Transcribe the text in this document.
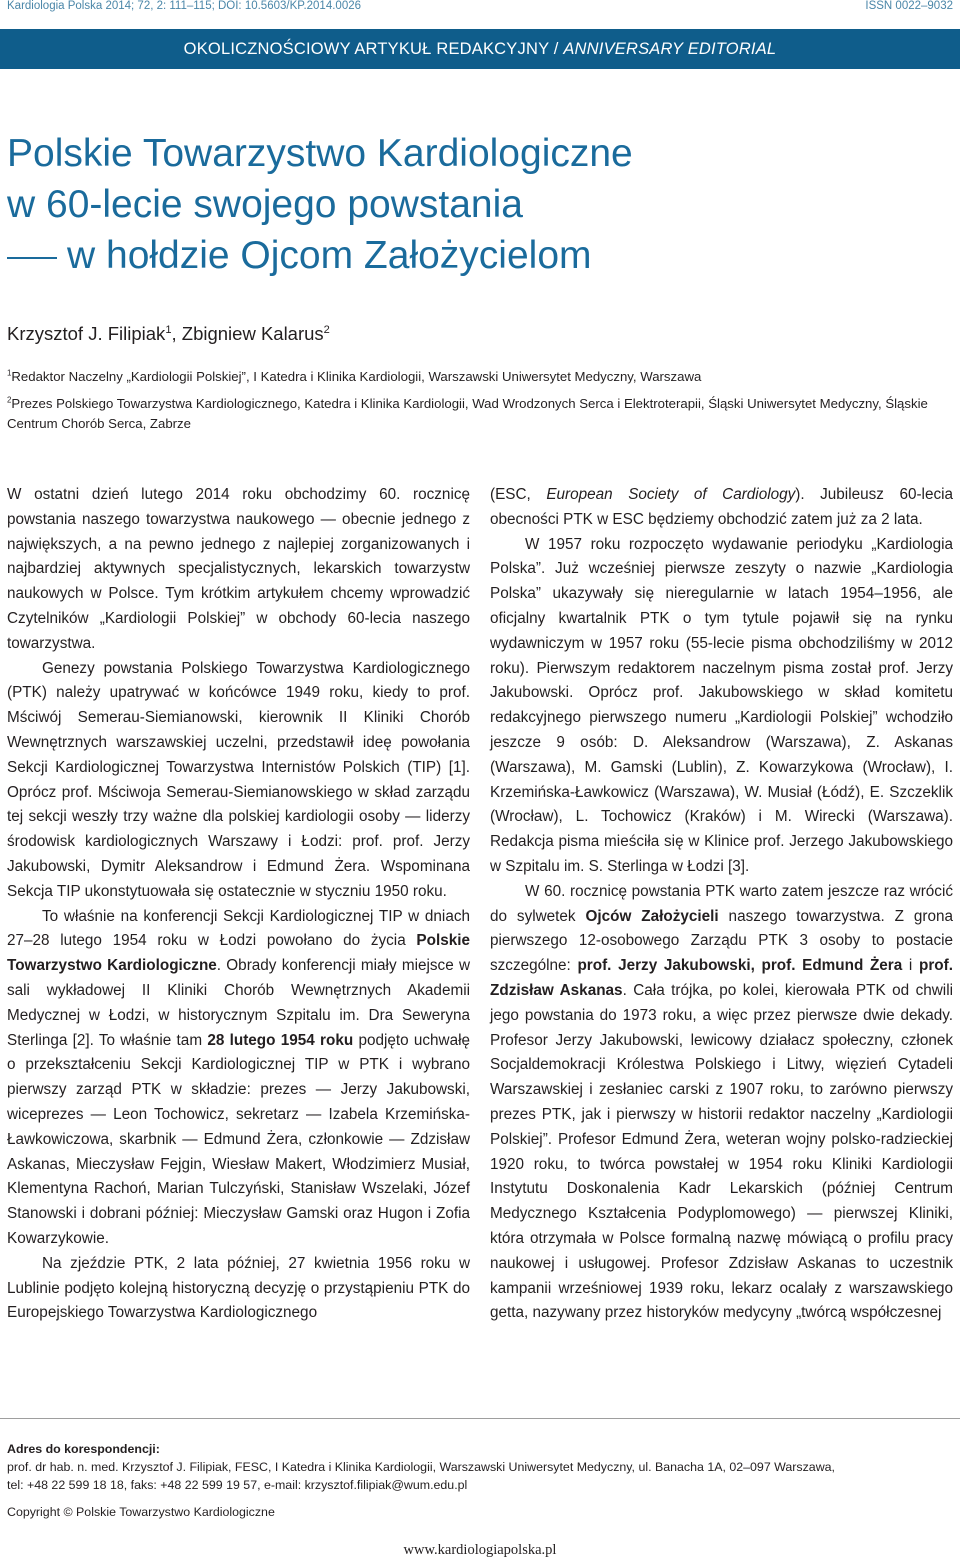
Kardiologia Polska 2014; 72, 2: 111–115; DOI: 10.5603/KP.2014.0026	ISSN 0022–9032
OKOLICZNOŚCIOWY ARTYKUŁ REDAKCYJNY / ANNIVERSARY EDITORIAL
Polskie Towarzystwo Kardiologiczne
w 60-lecie swojego powstania
w hołdzie Ojcom Założycielom
Krzysztof J. Filipiak$^1$, Zbigniew Kalarus$^2$
$^1$Redaktor Naczelny „Kardiologii Polskiej”, I Katedra i Klinika Kardiologii, Warszawski Uniwersytet Medyczny, Warszawa
$^2$Prezes Polskiego Towarzystwa Kardiologicznego, Katedra i Klinika Kardiologii, Wad Wrodzonych Serca i Elektroterapii, Śląski Uniwersytet Medyczny, Śląskie Centrum Chorób Serca, Zabrze

W ostatni dzień lutego 2014 roku obchodzimy 60. rocznicę powstania naszego towarzystwa naukowego — obecnie jednego z największych, a na pewno jednego z najlepiej zorganizowanych i najbardziej aktywnych specjalistycznych, lekarskich towarzystw naukowych w Polsce. Tym krótkim artykułem chcemy wprowadzić Czytelników „Kardiologii Polskiej” w obchody 60-lecia naszego towarzystwa.

Genezy powstania Polskiego Towarzystwa Kardiologicznego (PTK) należy upatrywać w końcówce 1949 roku, kiedy to prof. Mściwój Semerau-Siemianowski, kierownik II Kliniki Chorób Wewnętrznych warszawskiej uczelni, przedstawił ideę powołania Sekcji Kardiologicznej Towarzystwa Internistów Polskich (TIP) [1]. Oprócz prof. Mściwoja Semerau-Siemianowskiego w skład zarządu tej sekcji weszły trzy ważne dla polskiej kardiologii osoby — liderzy środowisk kardiologicznych Warszawy i Łodzi: prof. prof. Jerzy Jakubowski, Dymitr Aleksandrow i Edmund Żera. Wspominana Sekcja TIP ukonstytuowała się ostatecznie w styczniu 1950 roku.

To właśnie na konferencji Sekcji Kardiologicznej TIP w dniach 27–28 lutego 1954 roku w Łodzi powołano do życia Polskie Towarzystwo Kardiologiczne. Obrady konferencji miały miejsce w sali wykładowej II Kliniki Chorób Wewnętrznych Akademii Medycznej w Łodzi, w historycznym Szpitalu im. Dra Seweryna Sterlinga [2]. To właśnie tam 28 lutego 1954 roku podjęto uchwałę o przekształceniu Sekcji Kardiologicznej TIP w PTK i wybrano pierwszy zarząd PTK w składzie: prezes — Jerzy Jakubowski, wiceprezes — Leon Tochowicz, sekretarz — Izabela Krzemińska-Ławkowiczowa, skarbnik — Edmund Żera, członkowie — Zdzisław Askanas, Mieczysław Fejgin, Wiesław Makert, Włodzimierz Musiał, Klementyna Rachoń, Marian Tulczyński, Stanisław Wszelaki, Józef Stanowski i dobrani później: Mieczysław Gamski oraz Hugon i Zofia Kowarzykowie.

Na zjeździe PTK, 2 lata później, 27 kwietnia 1956 roku w Lublinie podjęto kolejną historyczną decyzję o przystąpieniu PTK do Europejskiego Towarzystwa Kardiologicznego

(ESC, European Society of Cardiology). Jubileusz 60-lecia obecności PTK w ESC będziemy obchodzić zatem już za 2 lata.

W 1957 roku rozpoczęto wydawanie periodyku „Kardiologia Polska”. Już wcześniej pierwsze zeszyty o nazwie „Kardiologia Polska” ukazywały się nieregularnie w latach 1954–1956, ale oficjalny kwartalnik PTK o tym tytule pojawił się na rynku wydawniczym w 1957 roku (55-lecie pisma obchodziliśmy w 2012 roku). Pierwszym redaktorem naczelnym pisma został prof. Jerzy Jakubowski. Oprócz prof. Jakubowskiego w skład komitetu redakcyjnego pierwszego numeru „Kardiologii Polskiej” wchodziło jeszcze 9 osób: D. Aleksandrow (Warszawa), Z. Askanas (Warszawa), M. Gamski (Lublin), Z. Kowarzykowa (Wrocław), I. Krzemińska-Ławkowicz (Warszawa), W. Musiał (Łódź), E. Szczeklik (Wrocław), L. Tochowicz (Kraków) i M. Wirecki (Warszawa). Redakcja pisma mieściła się w Klinice prof. Jerzego Jakubowskiego w Szpitalu im. S. Sterlinga w Łodzi [3].

W 60. rocznicę powstania PTK warto zatem jeszcze raz wrócić do sylwetek Ojców Założycieli naszego towarzystwa. Z grona pierwszego 12-osobowego Zarządu PTK 3 osoby to postacie szczególne: prof. Jerzy Jakubowski, prof. Edmund Żera i prof. Zdzisław Askanas. Cała trójka, po kolei, kierowała PTK od chwili jego powstania do 1973 roku, a więc przez pierwsze dwie dekady. Profesor Jerzy Jakubowski, lewicowy działacz społeczny, członek Socjaldemokracji Królestwa Polskiego i Litwy, więzień Cytadeli Warszawskiej i zesłaniec carski z 1907 roku, to zarówno pierwszy prezes PTK, jak i pierwszy w historii redaktor naczelny „Kardiologii Polskiej”. Profesor Edmund Żera, weteran wojny polsko-radzieckiej 1920 roku, to twórca powstałej w 1954 roku Kliniki Kardiologii Instytutu Doskonalenia Kadr Lekarskich (później Centrum Medycznego Kształcenia Podyplomowego) — pierwszej Kliniki, która otrzymała w Polsce formalną nazwę mówiącą o profilu pracy naukowej i usługowej. Profesor Zdzisław Askanas to uczestnik kampanii wrześniowej 1939 roku, lekarz ocalały z warszawskiego getta, nazywany przez historyków medycyny „twórcą współczesnej

Adres do korespondencji:
prof. dr hab. n. med. Krzysztof J. Filipiak, FESC, I Katedra i Klinika Kardiologii, Warszawski Uniwersytet Medyczny, ul. Banacha 1A, 02–097 Warszawa,
tel: +48 22 599 18 18, faks: +48 22 599 19 57, e-mail: krzysztof.filipiak@wum.edu.pl
Copyright © Polskie Towarzystwo Kardiologiczne
www.kardiologiapolska.pl
